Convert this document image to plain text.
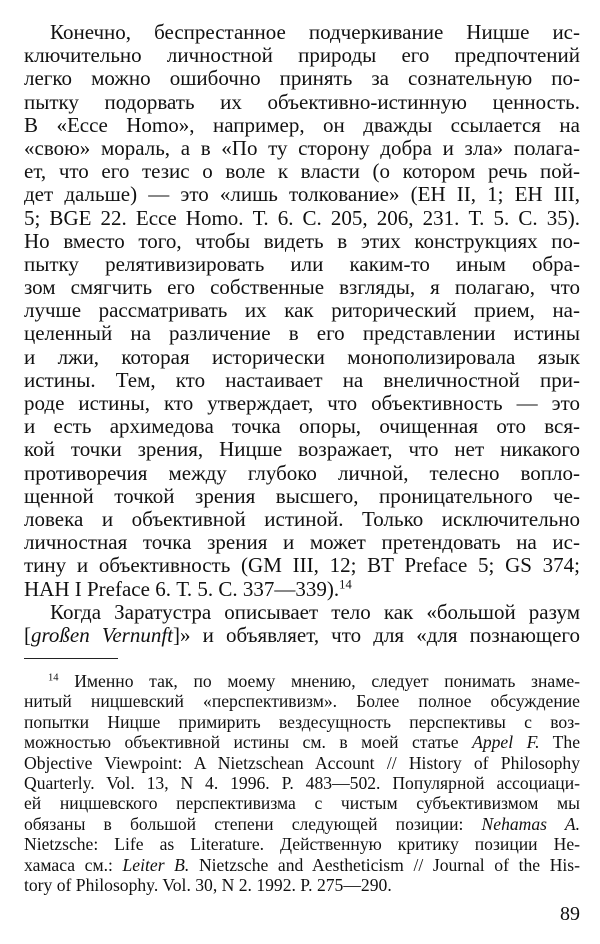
Конечно, беспрестанное подчеркивание Ницше ис-
ключительно личностной природы его предпочтений
легко можно ошибочно принять за сознательную по-
пытку подорвать их объективно-истинную ценность.
В «Ecce Homo», например, он дважды ссылается на
«свою» мораль, а в «По ту сторону добра и зла» полага-
ет, что его тезис о воле к власти (о котором речь пой-
дет дальше) — это «лишь толкование» (EH II, 1; EH III,
5; BGE 22. Ecce Homo. Т. 6. С. 205, 206, 231. Т. 5. С. 35).
Но вместо того, чтобы видеть в этих конструкциях по-
пытку релятивизировать или каким-то иным обра-
зом смягчить его собственные взгляды, я полагаю, что
лучше рассматривать их как риторический прием, на-
целенный на различение в его представлении истины
и лжи, которая исторически монополизировала язык
истины. Тем, кто настаивает на внеличностной при-
роде истины, кто утверждает, что объективность — это
и есть архимедова точка опоры, очищенная ото вся-
кой точки зрения, Ницше возражает, что нет никакого
противоречия между глубоко личной, телесно вопло-
щенной точкой зрения высшего, проницательного че-
ловека и объективной истиной. Только исключительно
личностная точка зрения и может претендовать на ис-
тину и объективность (GM III, 12; BT Preface 5; GS 374;
HAH I Preface 6. Т. 5. С. 337—339).$^{14}$
Когда Заратустра описывает тело как «большой разум
[großen Vernunft]» и объявляет, что для «для познающего
$^{14}$ Именно так, по моему мнению, следует понимать знаме-
нитый ницшевский «перспективизм». Более полное обсуждение
попытки Ницше примирить вездесущность перспективы с воз-
можностью объективной истины см. в моей статье Appel F. The
Objective Viewpoint: A Nietzschean Account // History of Philosophy
Quarterly. Vol. 13, N 4. 1996. P. 483—502. Популярной ассоциаци-
ей ницшевского перспективизма с чистым субъективизмом мы
обязаны в большой степени следующей позиции: Nehamas A.
Nietzsche: Life as Literature. Действенную критику позиции Не-
хамаса см.: Leiter B. Nietzsche and Aestheticism // Journal of the His-
tory of Philosophy. Vol. 30, N 2. 1992. P. 275—290.
89
